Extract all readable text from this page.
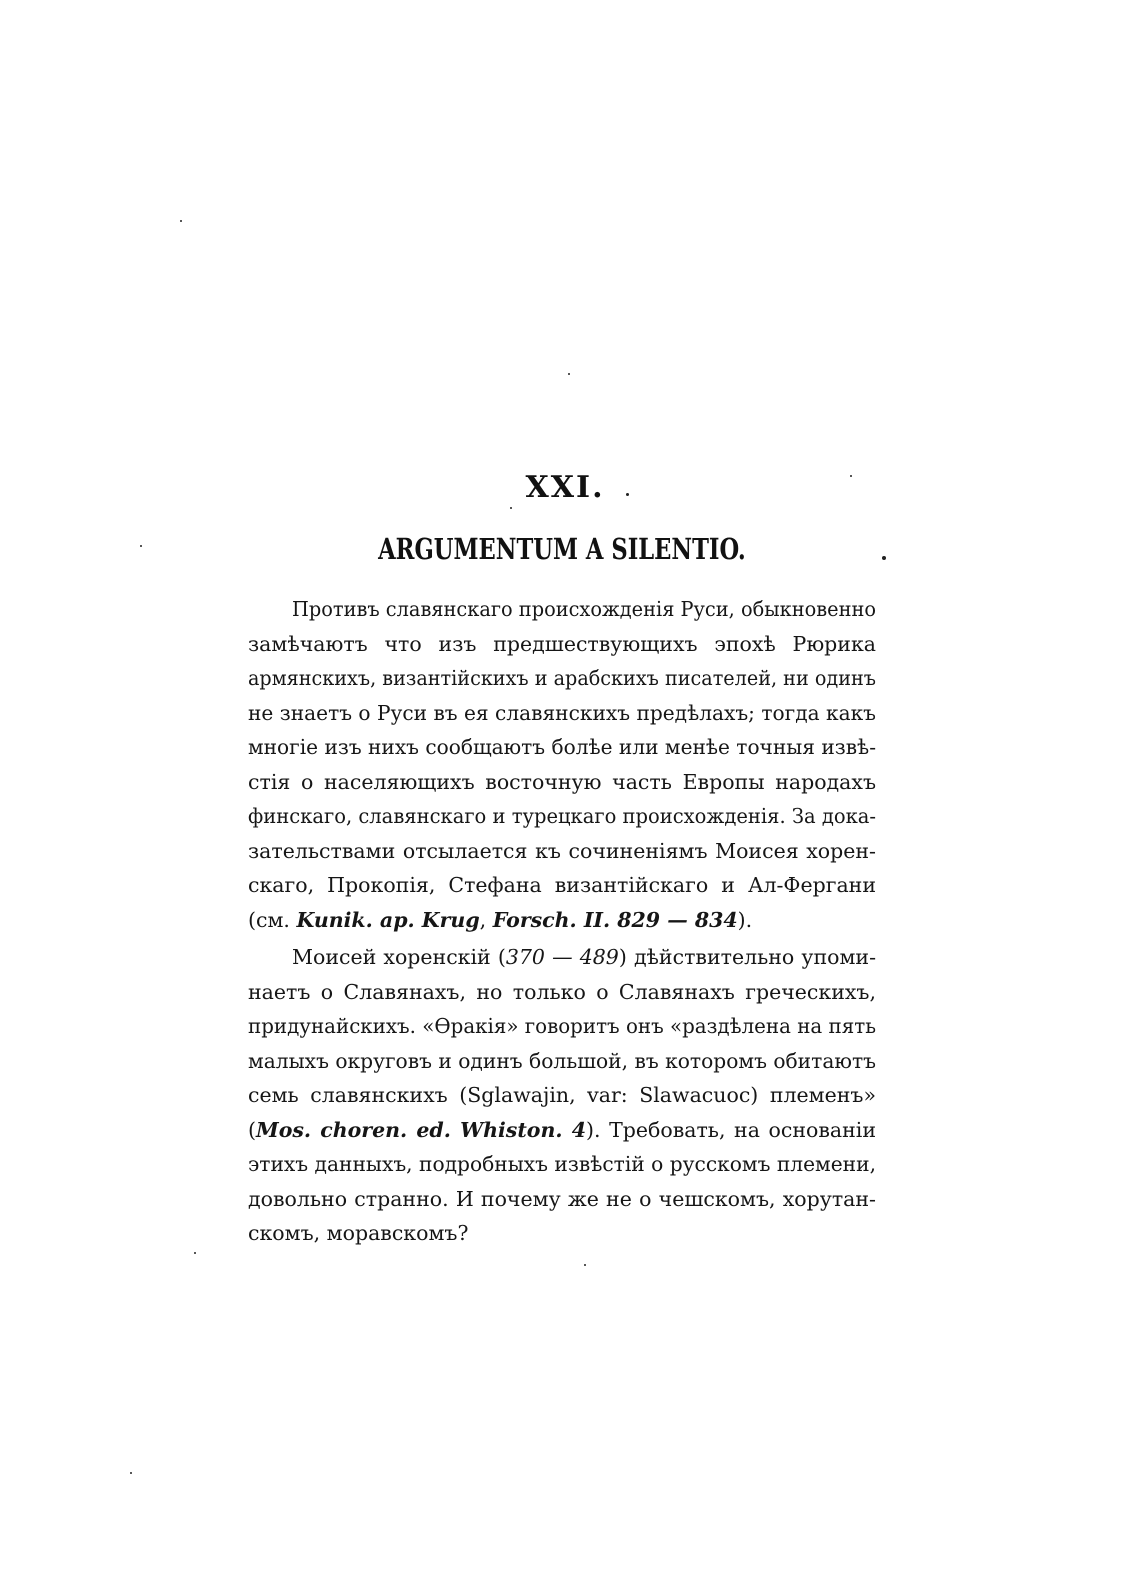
XXI.
ARGUMENTUM A SILENTIO.

Противъ славянскаго происхожденія Руси, обыкновенно
замѣчаютъ что изъ предшествующихъ эпохѣ Рюрика
армянскихъ, византійскихъ и арабскихъ писателей, ни одинъ
не знаетъ о Руси въ ея славянскихъ предѣлахъ; тогда какъ
многіе изъ нихъ сообщаютъ болѣе или менѣе точныя извѣ-
стія о населяющихъ восточную часть Европы народахъ
финскаго, славянскаго и турецкаго происхожденія. За дока-
зательствами отсылается къ сочиненіямъ Моисея хорен-
скаго, Прокопія, Стефана византійскаго и Ал-Фергани
(см. Kunik. ap. Krug, Forsch. II. 829 — 834).

Моисей хоренскій (370 — 489) дѣйствительно упоми-
наетъ о Славянахъ, но только о Славянахъ греческихъ,
придунайскихъ. «Ѳракія» говоритъ онъ «раздѣлена на пять
малыхъ округовъ и одинъ большой, въ которомъ обитаютъ
семь славянскихъ (Sglawajin, var: Slawacuoc) племенъ»
(Mos. choren. ed. Whiston. 4). Требовать, на основаніи
этихъ данныхъ, подробныхъ извѣстій о русскомъ племени,
довольно странно. И почему же не о чешскомъ, хорутан-
скомъ, моравскомъ?
